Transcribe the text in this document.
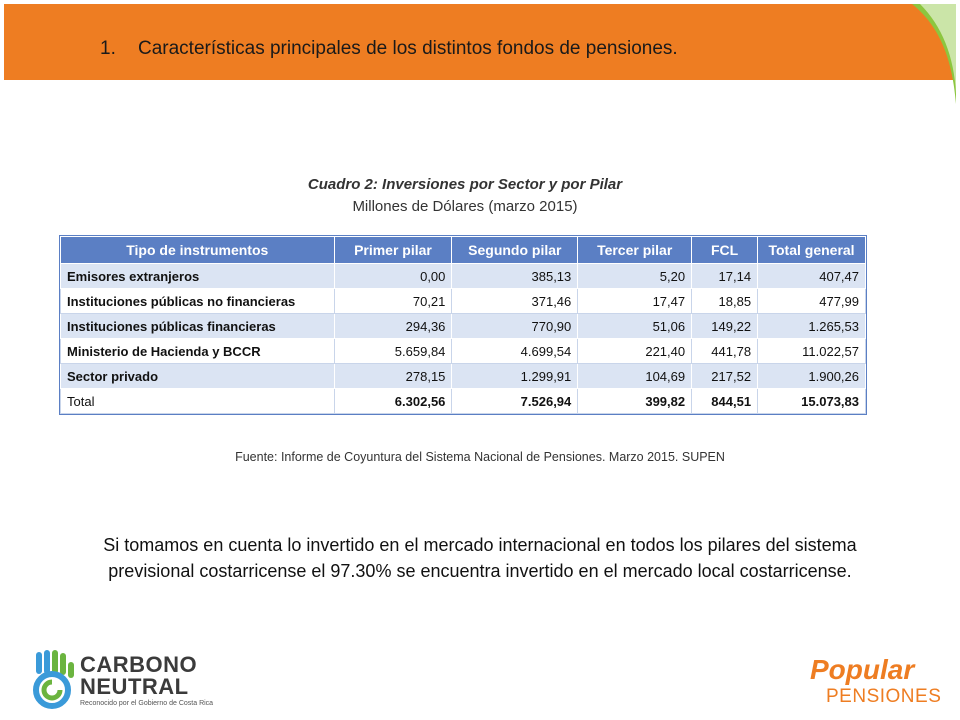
1. Características principales de los distintos fondos de pensiones.
Cuadro 2: Inversiones por Sector y por Pilar
Millones de Dólares (marzo 2015)
Tipo de instrumentos	Primer pilar	Segundo pilar	Tercer pilar	FCL	Total general
Emisores extranjeros	0,00	385,13	5,20	17,14	407,47
Instituciones públicas no financieras	70,21	371,46	17,47	18,85	477,99
Instituciones públicas financieras	294,36	770,90	51,06	149,22	1.265,53
Ministerio de Hacienda y BCCR	5.659,84	4.699,54	221,40	441,78	11.022,57
Sector privado	278,15	1.299,91	104,69	217,52	1.900,26
Total	6.302,56	7.526,94	399,82	844,51	15.073,83
Fuente: Informe de Coyuntura del Sistema Nacional de Pensiones. Marzo 2015. SUPEN
Si tomamos en cuenta lo invertido en el mercado internacional en todos los pilares del sistema previsional costarricense el 97.30% se encuentra invertido en el mercado local costarricense.
CARBONO
NEUTRAL
Reconocido por el Gobierno de Costa Rica
Popular
PENSIONES
